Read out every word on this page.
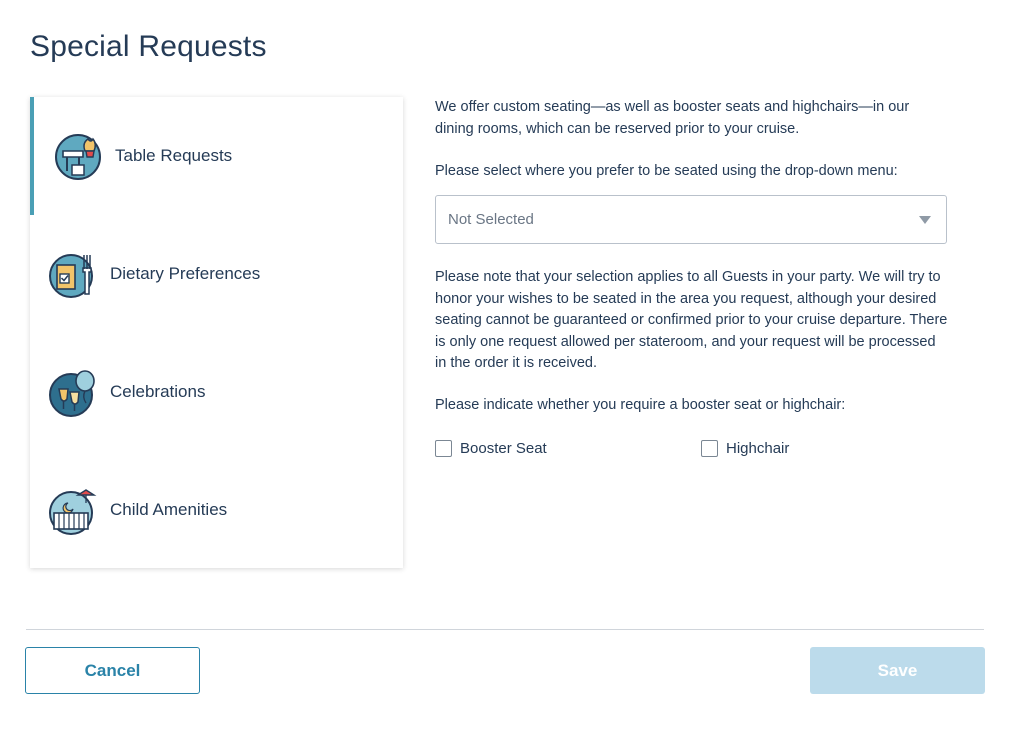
Special Requests
Table Requests
Dietary Preferences
Celebrations
Child Amenities

We offer custom seating—as well as booster seats and highchairs—in our dining rooms, which can be reserved prior to your cruise.

Please select where you prefer to be seated using the drop-down menu:

Not Selected

Please note that your selection applies to all Guests in your party. We will try to honor your wishes to be seated in the area you request, although your desired seating cannot be guaranteed or confirmed prior to your cruise departure. There is only one request allowed per stateroom, and your request will be processed in the order it is received.

Please indicate whether you require a booster seat or highchair:

Booster Seat	Highchair
Cancel	Save
